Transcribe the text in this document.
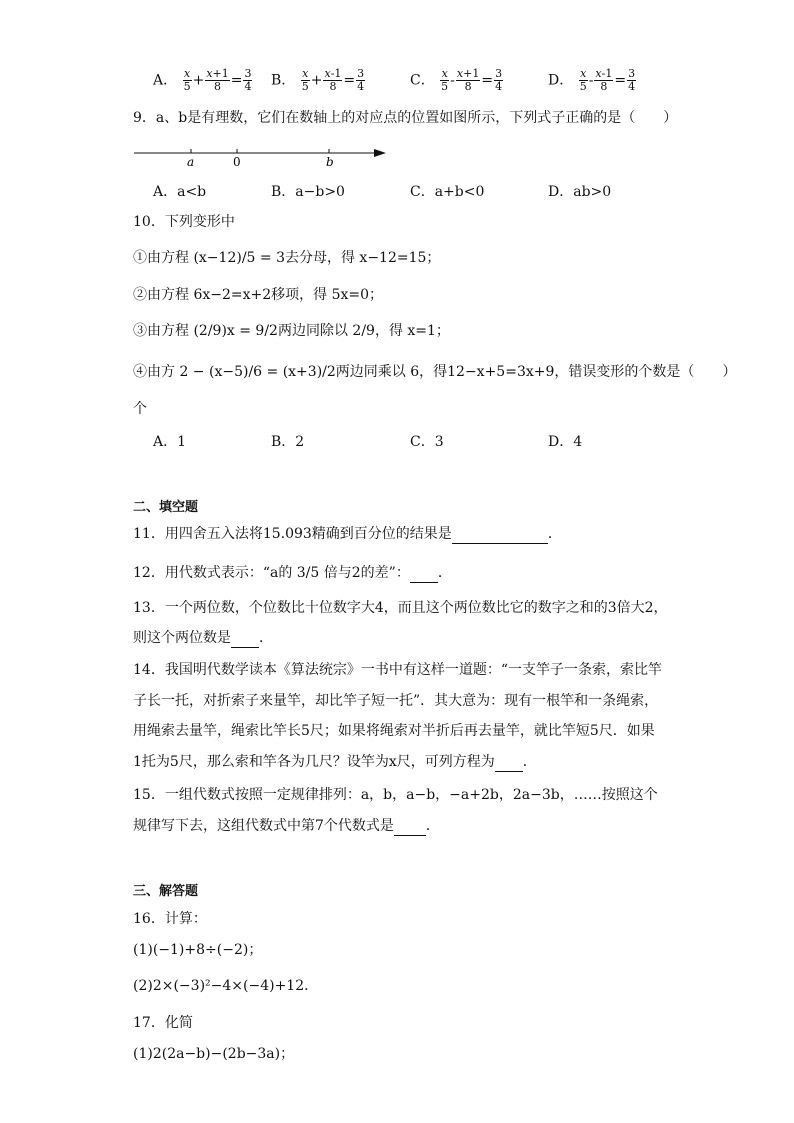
A． $\frac{x}{5} + \frac{x+1}{8} = \frac{3}{4}$ B． $\frac{x}{5} + \frac{x-1}{8} = \frac{3}{4}$	C． $\frac{x}{5} - \frac{x+1}{8} = \frac{3}{4}$	D． $\frac{x}{5} - \frac{x-1}{8} = \frac{3}{4}$
9．a、b是有理数，它们在数轴上的对应点的位置如图所示，下列式子正确的是（　　）
a	0	b
A．a<b	B．a−b>0	C．a+b<0	D．ab>0
10．下列变形中
①由方程 (x−12)/5 = 3去分母，得 x−12=15；
②由方程 6x−2=x+2移项，得 5x=0；
③由方程 (2/9)x = 9/2两边同除以 2/9，得 x=1；
④由方 2 − (x−5)/6 = (x+3)/2两边同乘以 6，得12−x+5=3x+9，错误变形的个数是（　　）
个
A．1	B．2	C．3	D．4
二、填空题
11．用四舍五入法将15.093精确到百分位的结果是	．
12．用代数式表示：“a的 3/5 倍与2的差”： ．
13．一个两位数，个位数比十位数字大4，而且这个两位数比它的数字之和的3倍大2，
则这个两位数是 ．
14．我国明代数学读本《算法统宗》一书中有这样一道题：“一支竿子一条索，索比竿
子长一托，对折索子来量竿，却比竿子短一托”．其大意为：现有一根竿和一条绳索，
用绳索去量竿，绳索比竿长5尺；如果将绳索对半折后再去量竿，就比竿短5尺．如果
1托为5尺，那么索和竿各为几尺？设竿为x尺，可列方程为 ．
15．一组代数式按照一定规律排列：a，b，a−b，−a+2b，2a−3b，……按照这个
规律写下去，这组代数式中第7个代数式是 ．
三、解答题
16．计算：
(1)(−1)+8÷(−2)；
(2)2×(−3)²−4×(−4)+12．
17．化简
(1)2(2a−b)−(2b−3a)；
